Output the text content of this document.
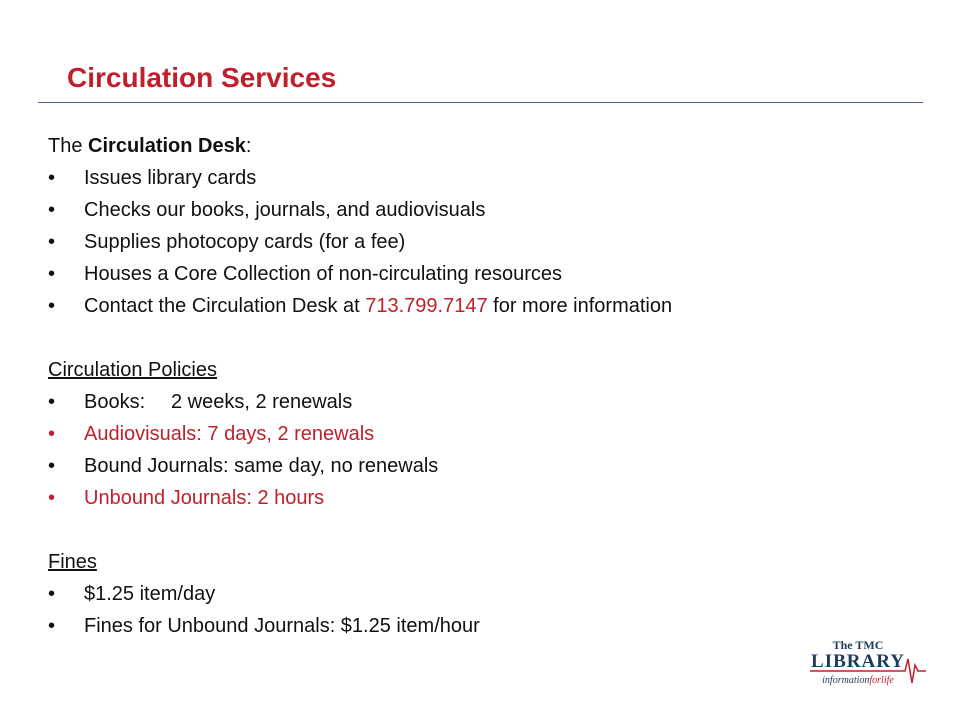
Circulation Services
The Circulation Desk:
• Issues library cards
• Checks our books, journals, and audiovisuals
• Supplies photocopy cards (for a fee)
• Houses a Core Collection of non-circulating resources
• Contact the Circulation Desk at 713.799.7147 for more information
Circulation Policies
• Books: 2 weeks, 2 renewals
• Audiovisuals: 7 days, 2 renewals
• Bound Journals: same day, no renewals
• Unbound Journals: 2 hours
Fines
• $1.25 item/day
• Fines for Unbound Journals: $1.25 item/hour
The TMC
LIBRARY
informationforlife
